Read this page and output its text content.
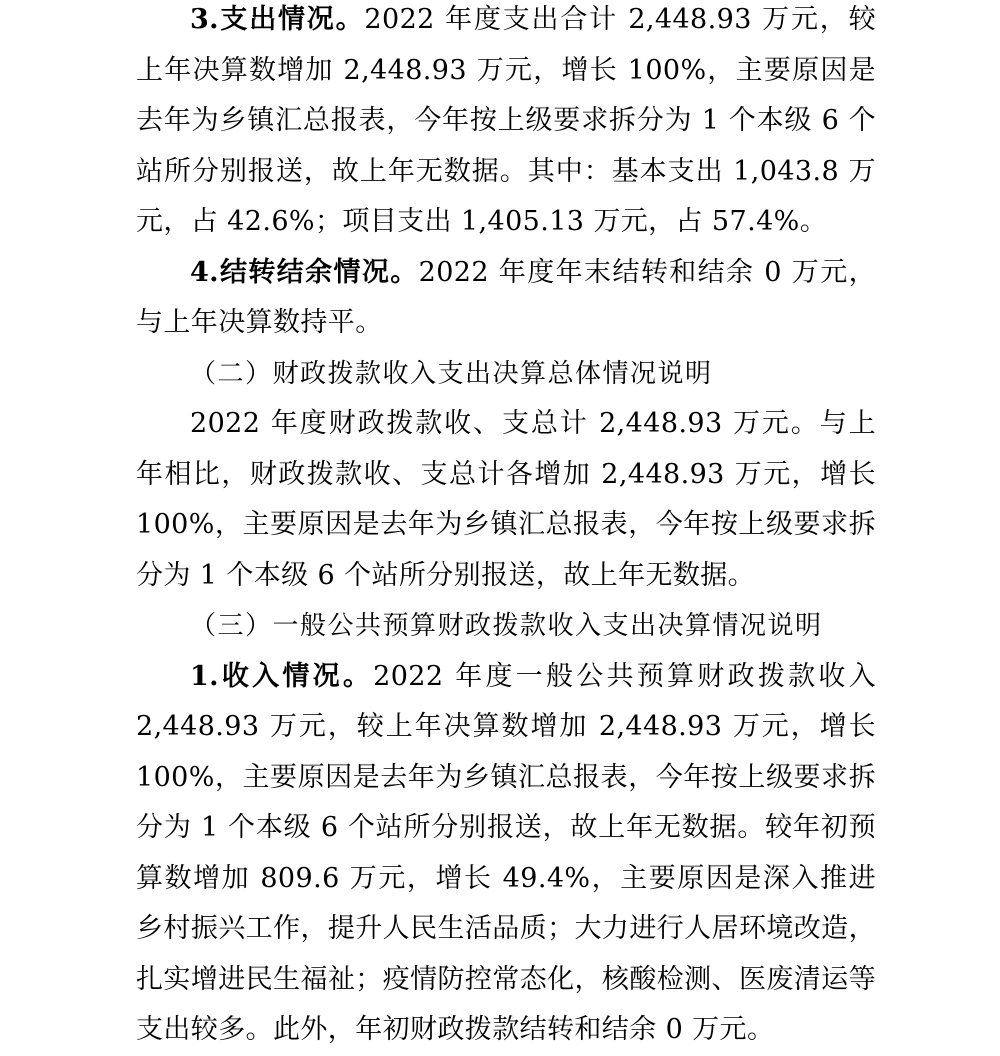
3.支出情况。2022 年度支出合计 2,448.93 万元，较上年决算数增加 2,448.93 万元，增长 100%，主要原因是去年为乡镇汇总报表，今年按上级要求拆分为 1 个本级 6 个站所分别报送，故上年无数据。其中：基本支出 1,043.8 万元，占 42.6%；项目支出 1,405.13 万元，占 57.4%。

4.结转结余情况。2022 年度年末结转和结余 0 万元，与上年决算数持平。

（二）财政拨款收入支出决算总体情况说明

2022 年度财政拨款收、支总计 2,448.93 万元。与上年相比，财政拨款收、支总计各增加 2,448.93 万元，增长 100%，主要原因是去年为乡镇汇总报表，今年按上级要求拆分为 1 个本级 6 个站所分别报送，故上年无数据。

（三）一般公共预算财政拨款收入支出决算情况说明

1.收入情况。2022 年度一般公共预算财政拨款收入 2,448.93 万元，较上年决算数增加 2,448.93 万元，增长 100%，主要原因是去年为乡镇汇总报表，今年按上级要求拆分为 1 个本级 6 个站所分别报送，故上年无数据。较年初预算数增加 809.6 万元，增长 49.4%，主要原因是深入推进乡村振兴工作，提升人民生活品质；大力进行人居环境改造，扎实增进民生福祉；疫情防控常态化，核酸检测、医废清运等支出较多。此外，年初财政拨款结转和结余 0 万元。
